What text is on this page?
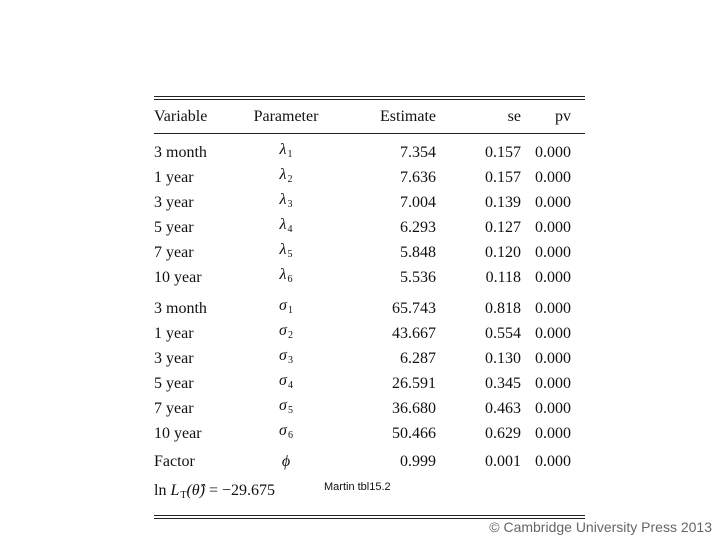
Variable	Parameter	Estimate	se	pv

3 month	$\lambda_1$	7.354	0.157	0.000
1 year	$\lambda_2$	7.636	0.157	0.000
3 year	$\lambda_3$	7.004	0.139	0.000
5 year	$\lambda_4$	6.293	0.127	0.000
7 year	$\lambda_5$	5.848	0.120	0.000
10 year	$\lambda_6$	5.536	0.118	0.000

3 month	$\sigma_1$	65.743	0.818	0.000
1 year	$\sigma_2$	43.667	0.554	0.000
3 year	$\sigma_3$	6.287	0.130	0.000
5 year	$\sigma_4$	26.591	0.345	0.000
7 year	$\sigma_5$	36.680	0.463	0.000
10 year	$\sigma_6$	50.466	0.629	0.000

Factor	ϕ	0.999	0.001	0.000
$\ln L_T(\thetâ) = -29.675$					Martin tbl15.2
© Cambridge University Press 2013
